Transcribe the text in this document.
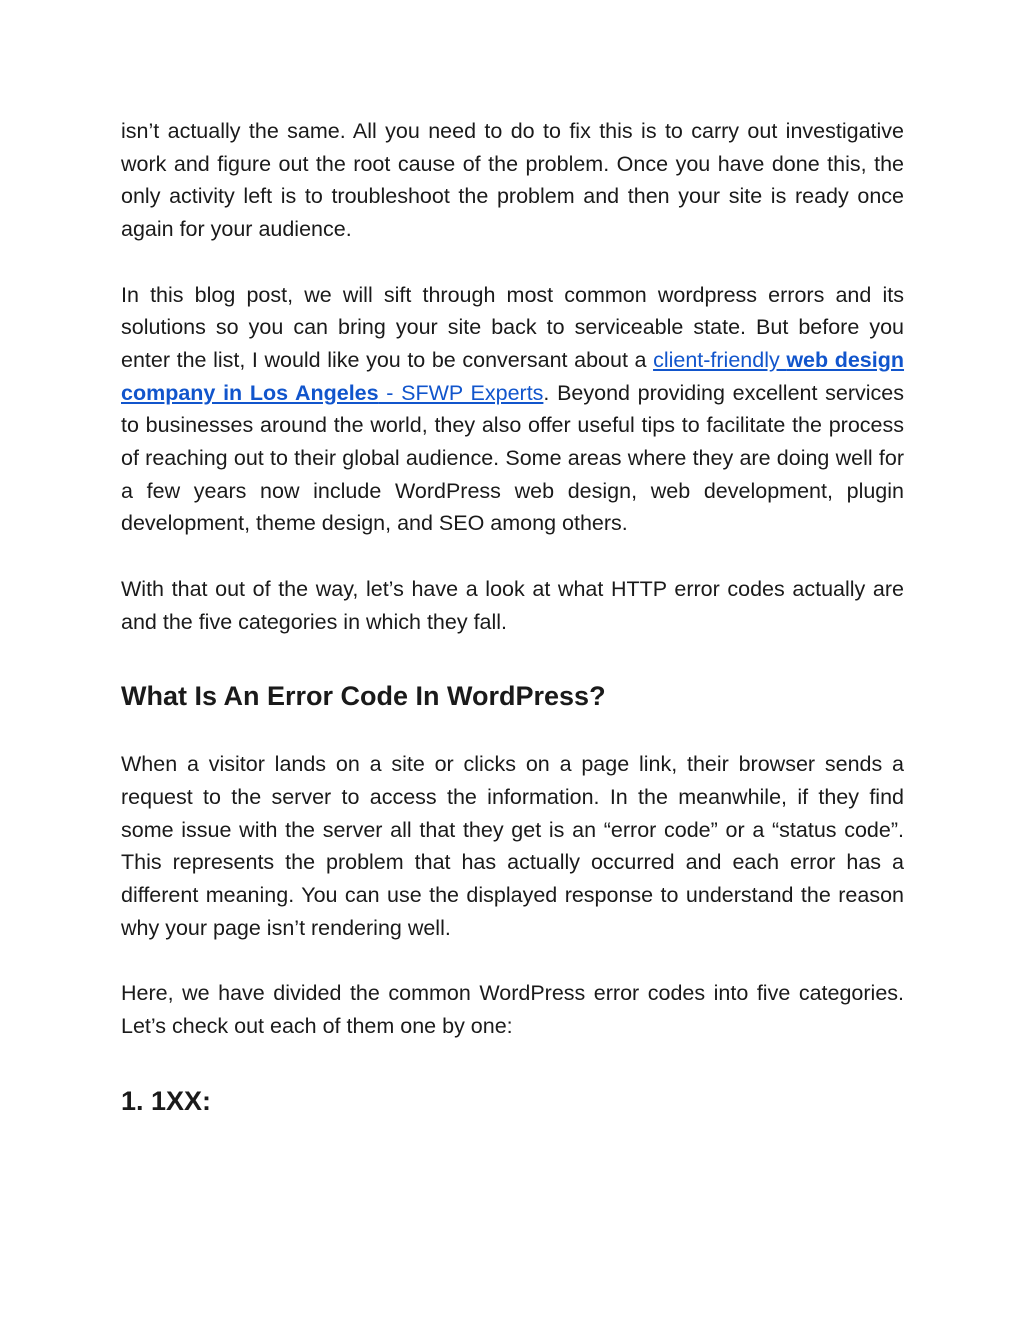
isn’t actually the same. All you need to do to fix this is to carry out investigative work and figure out the root cause of the problem. Once you have done this, the only activity left is to troubleshoot the problem and then your site is ready once again for your audience.

In this blog post, we will sift through most common wordpress errors and its solutions so you can bring your site back to serviceable state. But before you enter the list, I would like you to be conversant about a client-friendly web design company in Los Angeles - SFWP Experts. Beyond providing excellent services to businesses around the world, they also offer useful tips to facilitate the process of reaching out to their global audience. Some areas where they are doing well for a few years now include WordPress web design, web development, plugin development, theme design, and SEO among others.

With that out of the way, let’s have a look at what HTTP error codes actually are and the five categories in which they fall.

What Is An Error Code In WordPress?

When a visitor lands on a site or clicks on a page link, their browser sends a request to the server to access the information. In the meanwhile, if they find some issue with the server all that they get is an “error code” or a “status code”. This represents the problem that has actually occurred and each error has a different meaning. You can use the displayed response to understand the reason why your page isn’t rendering well.

Here, we have divided the common WordPress error codes into five categories. Let’s check out each of them one by one:

1. 1XX:
